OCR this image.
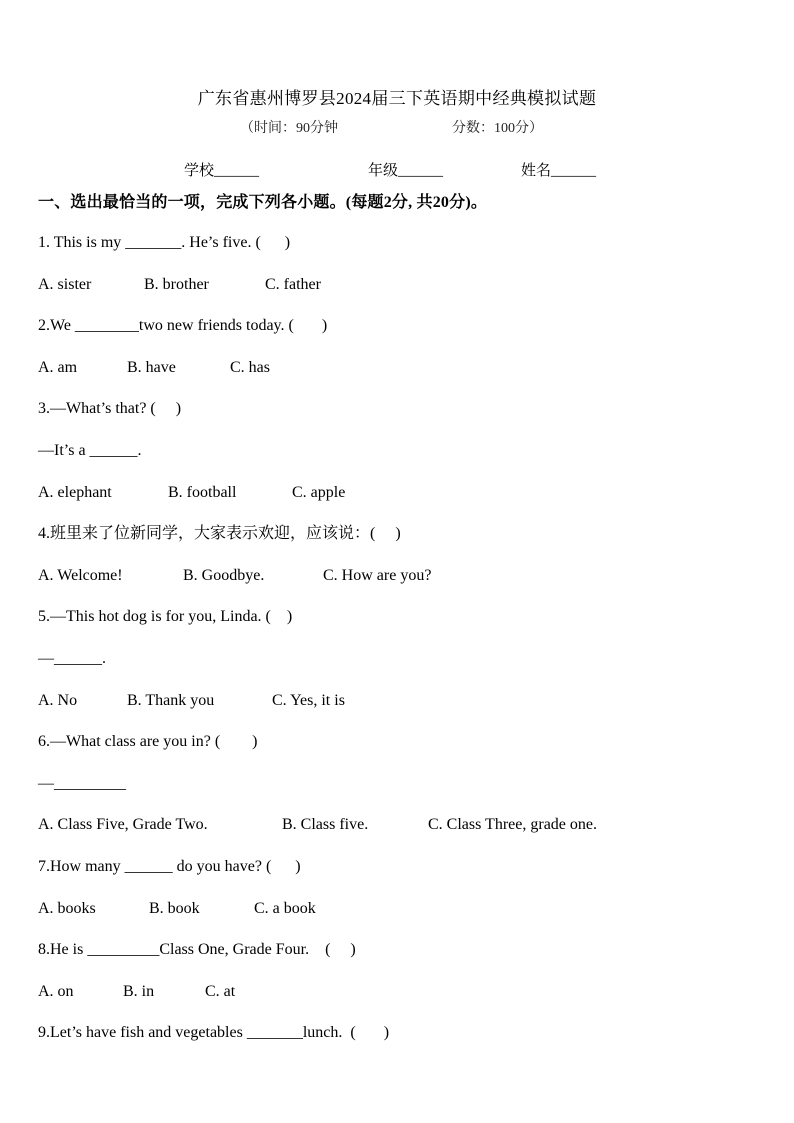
广东省惠州博罗县2024届三下英语期中经典模拟试题
（时间：90分钟	分数：100分）
学校______	年级______	姓名______
一、选出最恰当的一项，完成下列各小题。(每题2分, 共20分)。
1. This is my _______. He’s five. (      )
A. sister	B. brother	C. father
2.We ________two new friends today. (       )
A. am	B. have	C. has
3.—What’s that? (     )
—It’s a ______.
A. elephant	B. football	C. apple
4.班里来了位新同学，大家表示欢迎，应该说：(     )
A. Welcome!	B. Goodbye.	C. How are you?
5.—This hot dog is for you, Linda. (    )
—______.
A. No	B. Thank you	C. Yes, it is
6.—What class are you in? (        )
—_________
A. Class Five, Grade Two.	B. Class five.	C. Class Three, grade one.
7.How many ______ do you have? (      )
A. books	B. book	C. a book
8.He is _________Class One, Grade Four.    (     )
A. on	B. in	C. at
9.Let’s have fish and vegetables _______lunch.  (       )
